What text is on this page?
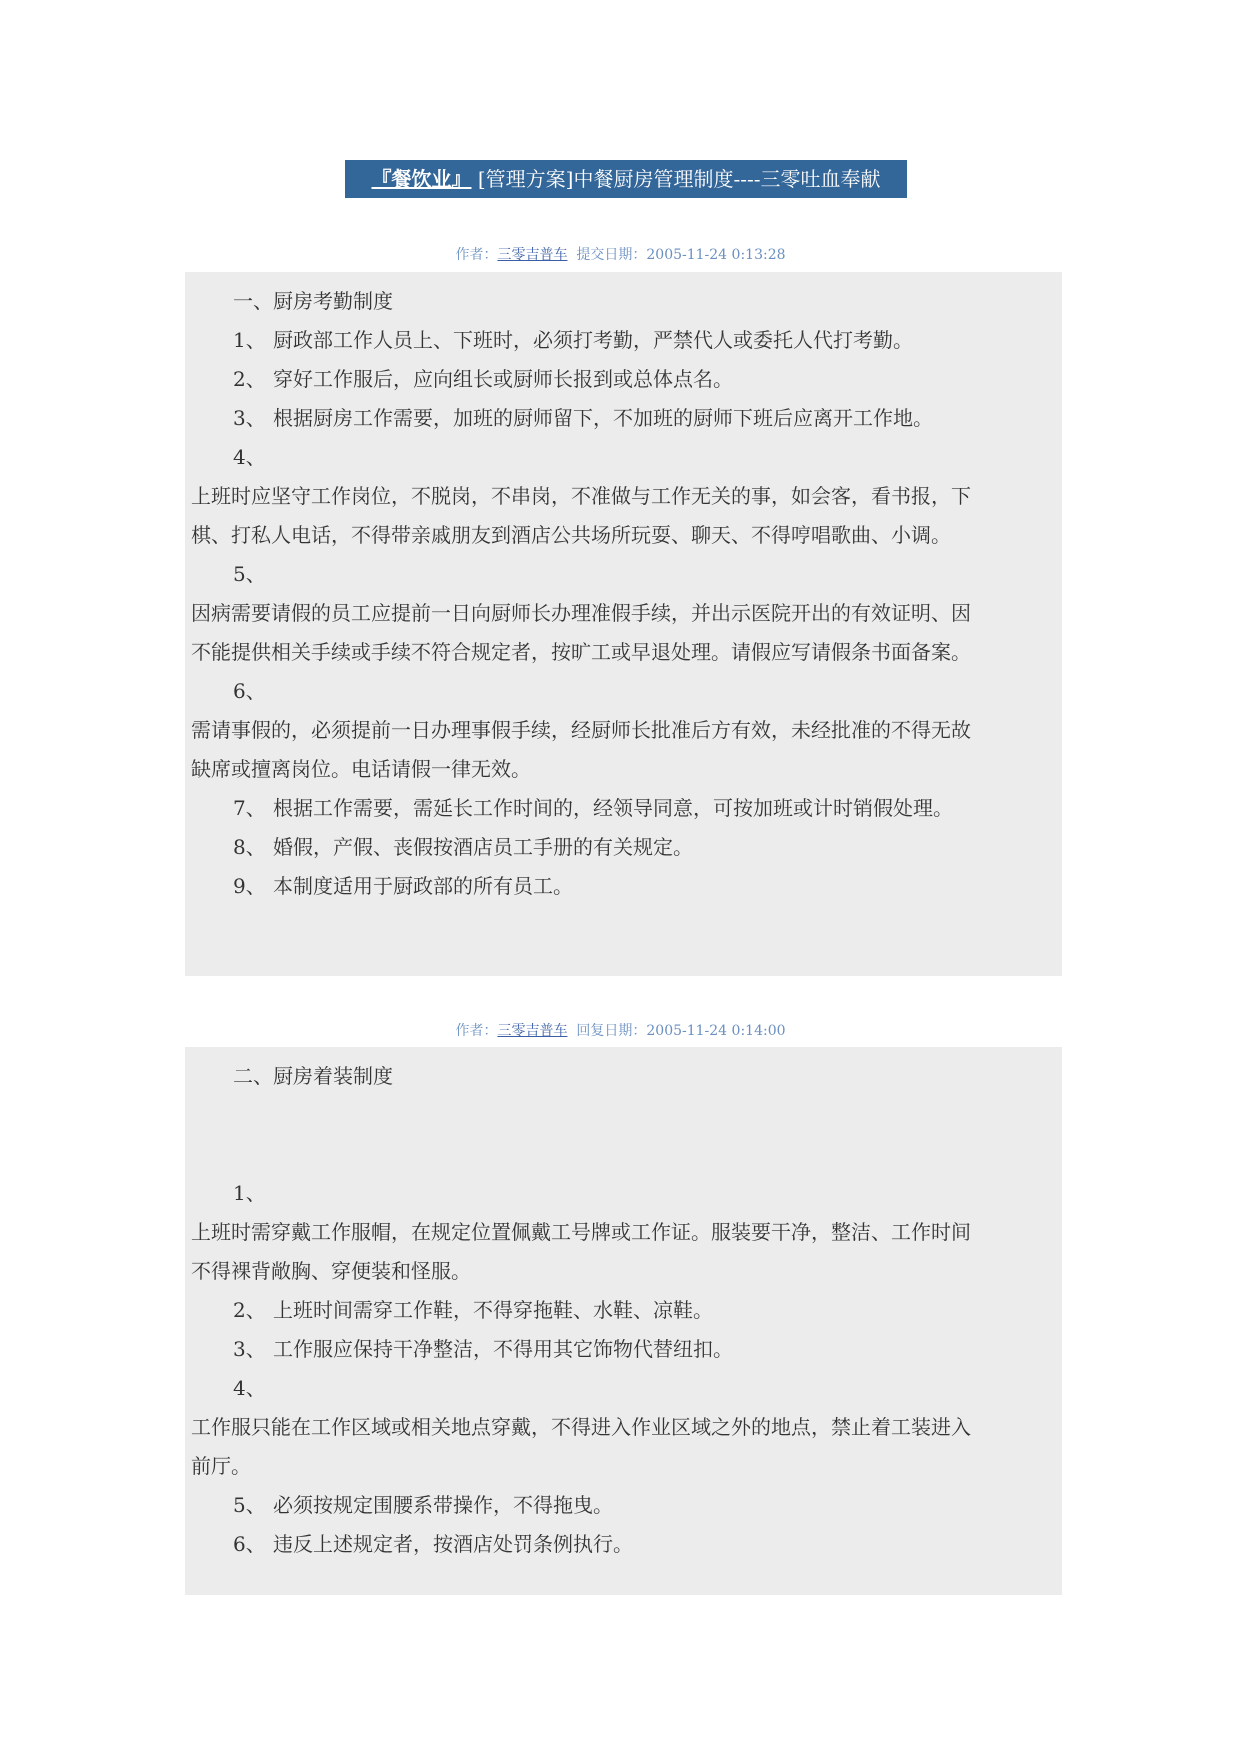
『餐饮业』 [管理方案]中餐厨房管理制度----三零吐血奉献
作者：三零吉普车 提交日期：2005-11-24 0:13:28

一、厨房考勤制度

1、 厨政部工作人员上、下班时，必须打考勤，严禁代人或委托人代打考勤。

2、 穿好工作服后，应向组长或厨师长报到或总体点名。

3、 根据厨房工作需要，加班的厨师留下，不加班的厨师下班后应离开工作地。

4、

上班时应坚守工作岗位，不脱岗，不串岗，不准做与工作无关的事，如会客，看书报，下

棋、打私人电话，不得带亲戚朋友到酒店公共场所玩耍、聊天、不得哼唱歌曲、小调。

5、

因病需要请假的员工应提前一日向厨师长办理准假手续，并出示医院开出的有效证明、因

不能提供相关手续或手续不符合规定者，按旷工或早退处理。请假应写请假条书面备案。

6、

需请事假的，必须提前一日办理事假手续，经厨师长批准后方有效，未经批准的不得无故

缺席或擅离岗位。电话请假一律无效。

7、 根据工作需要，需延长工作时间的，经领导同意，可按加班或计时销假处理。

8、 婚假，产假、丧假按酒店员工手册的有关规定。

9、 本制度适用于厨政部的所有员工。

作者：三零吉普车 回复日期：2005-11-24 0:14:00

二、厨房着装制度

1、

上班时需穿戴工作服帽，在规定位置佩戴工号牌或工作证。服装要干净，整洁、工作时间

不得裸背敞胸、穿便装和怪服。

2、 上班时间需穿工作鞋，不得穿拖鞋、水鞋、凉鞋。

3、 工作服应保持干净整洁，不得用其它饰物代替纽扣。

4、

工作服只能在工作区域或相关地点穿戴，不得进入作业区域之外的地点，禁止着工装进入

前厅。

5、 必须按规定围腰系带操作，不得拖曳。

6、 违反上述规定者，按酒店处罚条例执行。
